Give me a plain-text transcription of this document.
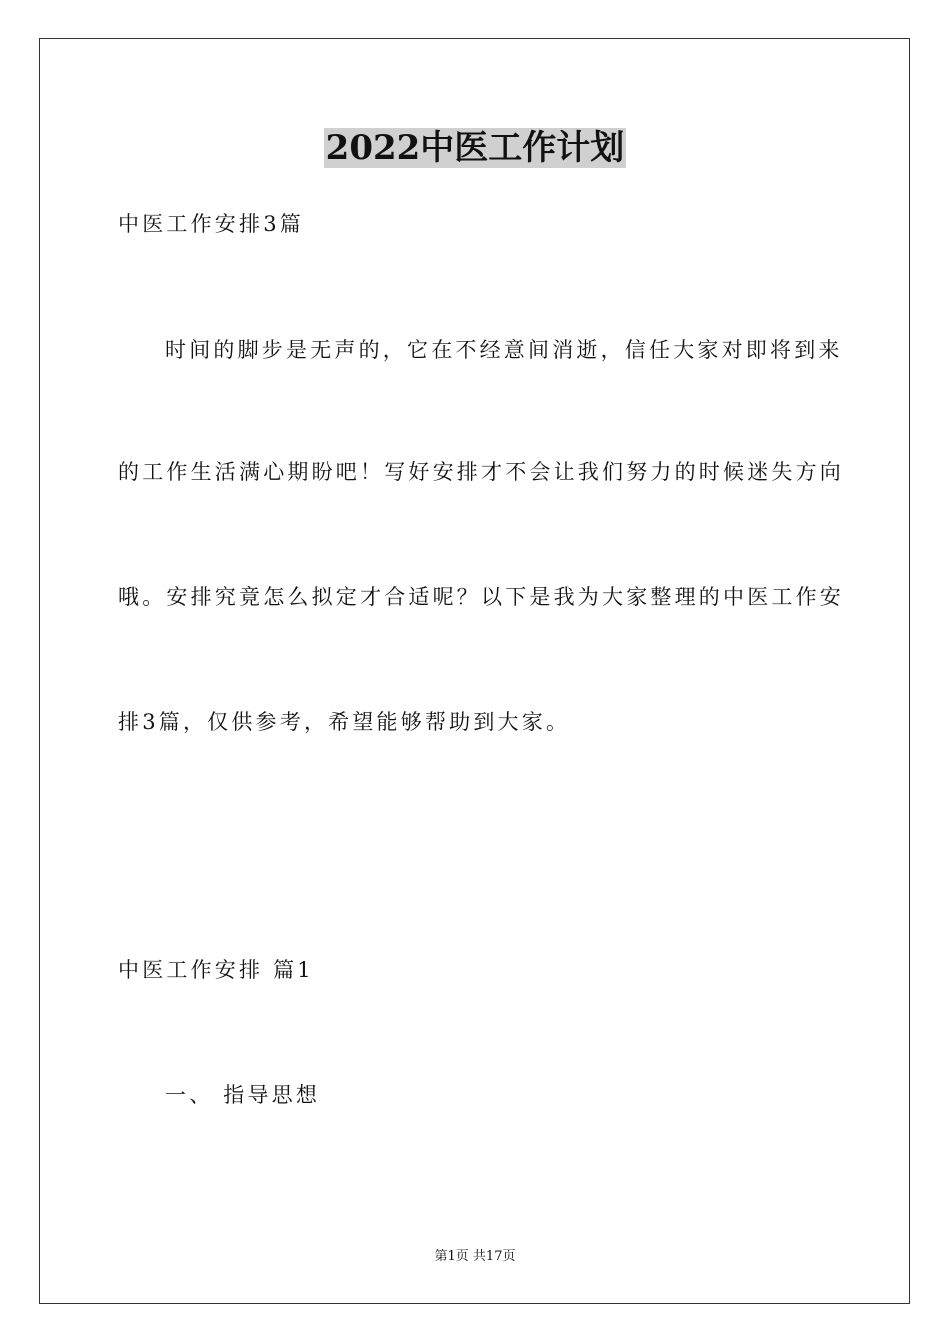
2022中医工作计划
中医工作安排3篇
时间的脚步是无声的，它在不经意间消逝，信任大家对即将到来
的工作生活满心期盼吧！写好安排才不会让我们努力的时候迷失方向
哦。安排究竟怎么拟定才合适呢？以下是我为大家整理的中医工作安
排3篇，仅供参考，希望能够帮助到大家。
中医工作安排 篇1
一、 指导思想
第1页 共17页
